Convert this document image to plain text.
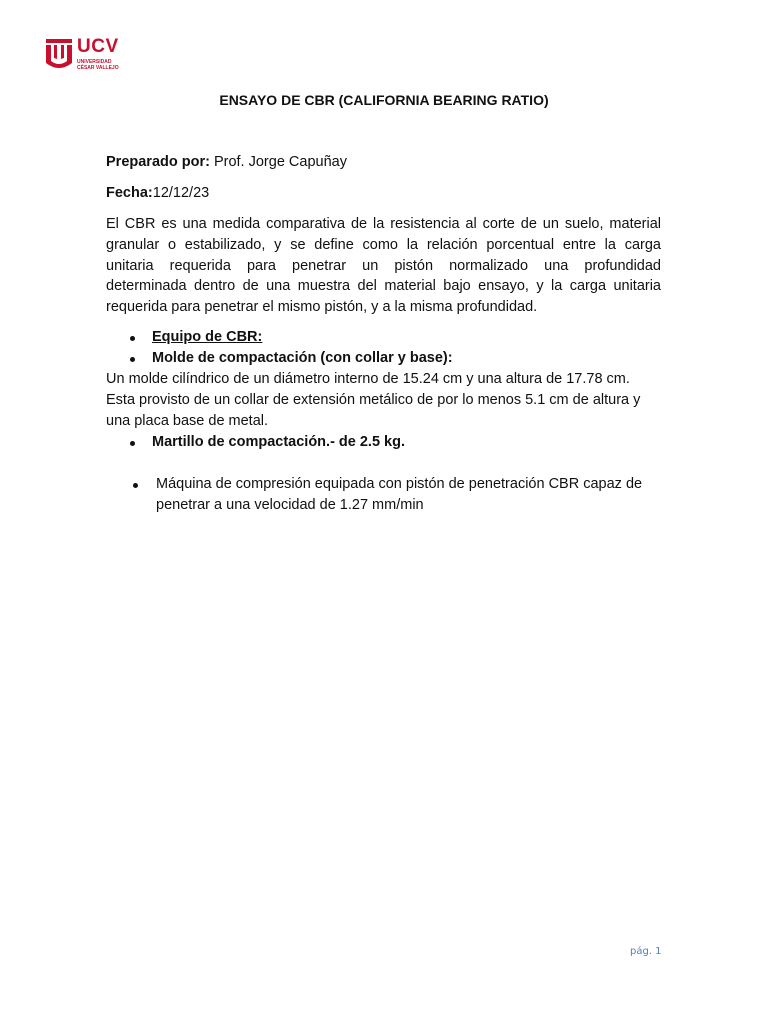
UCV
UNIVERSIDAD
CÉSAR VALLEJO
ENSAYO DE CBR (CALIFORNIA BEARING RATIO)
Preparado por: Prof. Jorge Capuñay
Fecha:12/12/23
El CBR es una medida comparativa de la resistencia al corte de un suelo, material
granular o estabilizado, y se define como la relación porcentual entre la carga
unitaria requerida para penetrar un pistón normalizado una profundidad
determinada dentro de una muestra del material bajo ensayo, y la carga unitaria
requerida para penetrar el mismo pistón, y a la misma profundidad.
Equipo de CBR:
Molde de compactación (con collar y base):
Un molde cilíndrico de un diámetro interno de 15.24 cm y una altura de 17.78 cm.
Esta provisto de un collar de extensión metálico de por lo menos 5.1 cm de altura y
una placa base de metal.
Martillo de compactación.- de 2.5 kg.
Máquina de compresión equipada con pistón de penetración CBR capaz de
penetrar a una velocidad de 1.27 mm/min
pág. 1
